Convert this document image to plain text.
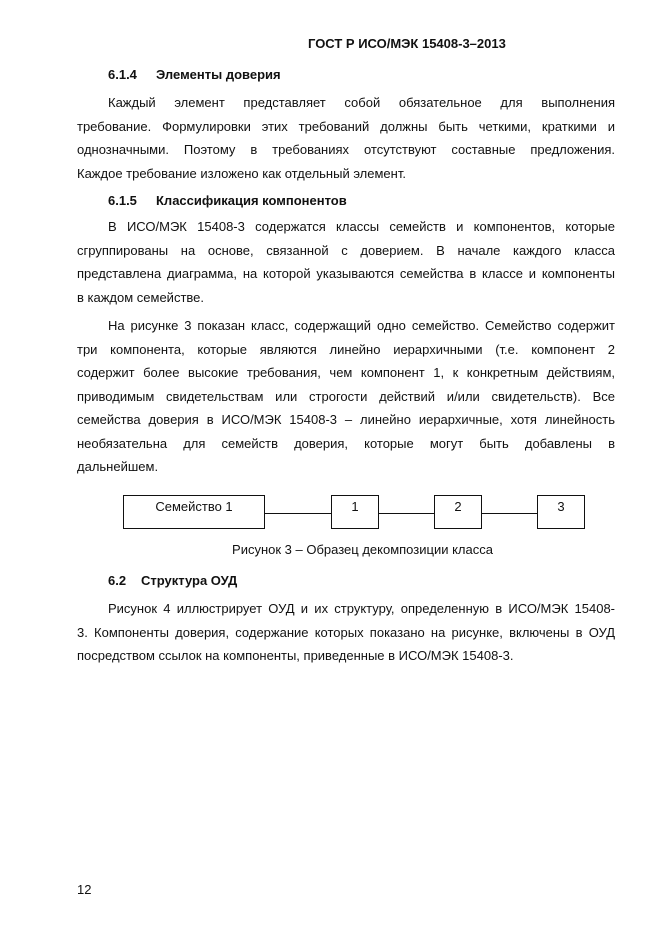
ГОСТ Р ИСО/МЭК 15408-3–2013
6.1.4 Элементы доверия
Каждый элемент представляет собой обязательное для выполнения
требование. Формулировки этих требований должны быть четкими, краткими и
однозначными. Поэтому в требованиях отсутствуют составные предложения.
Каждое требование изложено как отдельный элемент.
6.1.5 Классификация компонентов
В ИСО/МЭК 15408-3 содержатся классы семейств и компонентов, которые
сгруппированы на основе, связанной с доверием. В начале каждого класса
представлена диаграмма, на которой указываются семейства в классе и компоненты
в каждом семействе.
На рисунке 3 показан класс, содержащий одно семейство. Семейство содержит
три компонента, которые являются линейно иерархичными (т.е. компонент 2
содержит более высокие требования, чем компонент 1, к конкретным действиям,
приводимым свидетельствам или строгости действий и/или свидетельств). Все
семейства доверия в ИСО/МЭК 15408-3 – линейно иерархичные, хотя линейность
необязательна для семейств доверия, которые могут быть добавлены в
дальнейшем.
Семейство 1	1	2	3
Рисунок 3 – Образец декомпозиции класса
6.2 Структура ОУД
Рисунок 4 иллюстрирует ОУД и их структуру, определенную в ИСО/МЭК 15408-
3. Компоненты доверия, содержание которых показано на рисунке, включены в ОУД
посредством ссылок на компоненты, приведенные в ИСО/МЭК 15408-3.
12
